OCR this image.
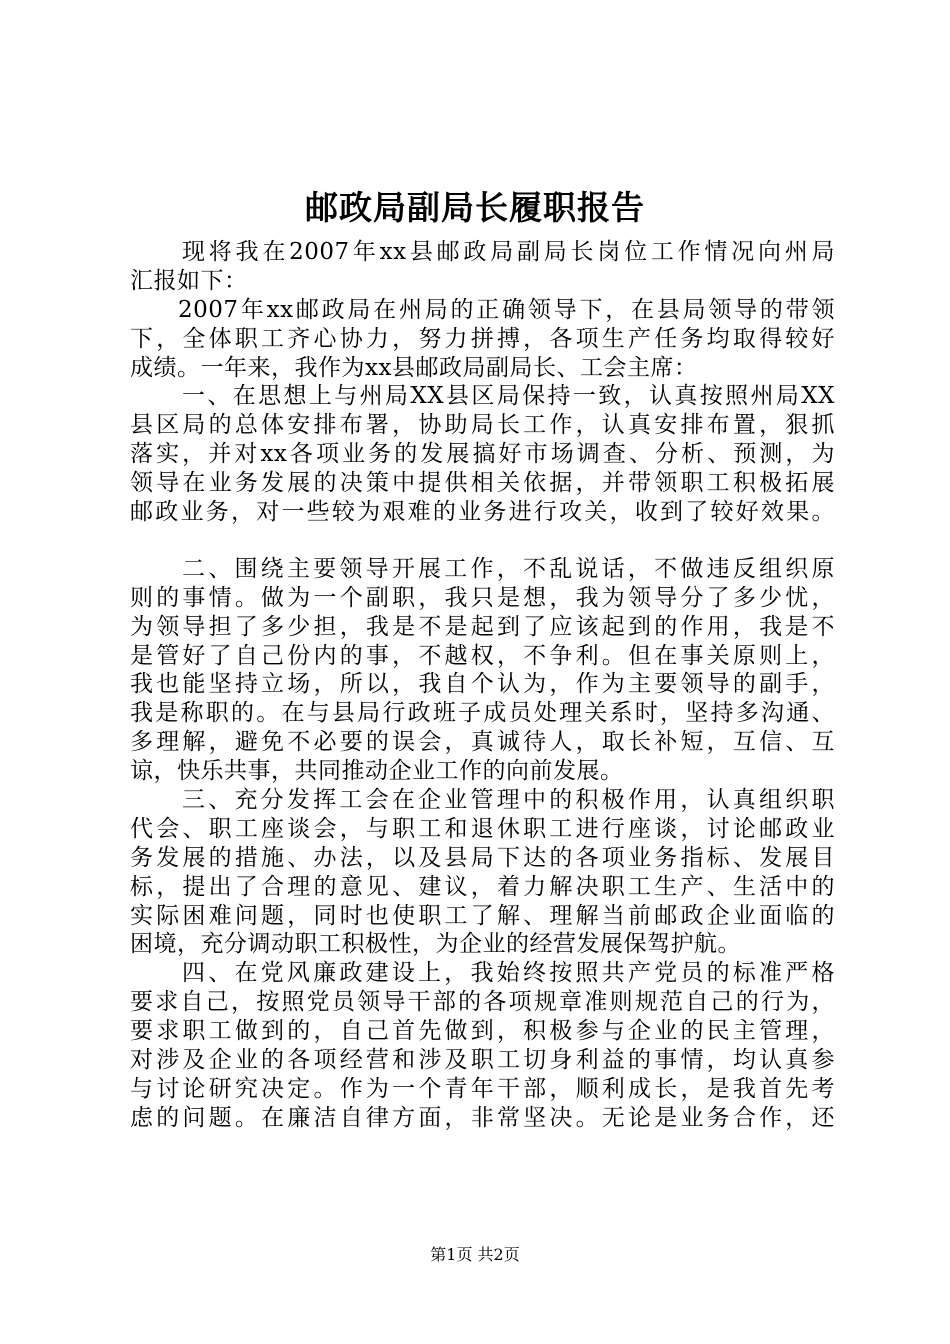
邮政局副局长履职报告
现将我在2007年xx县邮政局副局长岗位工作情况向州局
汇报如下：
2007年xx邮政局在州局的正确领导下，在县局领导的带领
下，全体职工齐心协力，努力拼搏，各项生产任务均取得较好
成绩。一年来，我作为xx县邮政局副局长、工会主席：
一、在思想上与州局XX县区局保持一致，认真按照州局XX
县区局的总体安排布署，协助局长工作，认真安排布置，狠抓
落实，并对xx各项业务的发展搞好市场调查、分析、预测，为
领导在业务发展的决策中提供相关依据，并带领职工积极拓展
邮政业务，对一些较为艰难的业务进行攻关，收到了较好效果。
二、围绕主要领导开展工作，不乱说话，不做违反组织原
则的事情。做为一个副职，我只是想，我为领导分了多少忧，
为领导担了多少担，我是不是起到了应该起到的作用，我是不
是管好了自己份内的事，不越权，不争利。但在事关原则上，
我也能坚持立场，所以，我自个认为，作为主要领导的副手，
我是称职的。在与县局行政班子成员处理关系时，坚持多沟通、
多理解，避免不必要的误会，真诚待人，取长补短，互信、互
谅，快乐共事，共同推动企业工作的向前发展。
三、充分发挥工会在企业管理中的积极作用，认真组织职
代会、职工座谈会，与职工和退休职工进行座谈，讨论邮政业
务发展的措施、办法，以及县局下达的各项业务指标、发展目
标，提出了合理的意见、建议，着力解决职工生产、生活中的
实际困难问题，同时也使职工了解、理解当前邮政企业面临的
困境，充分调动职工积极性，为企业的经营发展保驾护航。
四、在党风廉政建设上，我始终按照共产党员的标准严格
要求自己，按照党员领导干部的各项规章准则规范自己的行为，
要求职工做到的，自己首先做到，积极参与企业的民主管理，
对涉及企业的各项经营和涉及职工切身利益的事情，均认真参
与讨论研究决定。作为一个青年干部，顺利成长，是我首先考
虑的问题。在廉洁自律方面，非常坚决。无论是业务合作，还
第1页 共2页
